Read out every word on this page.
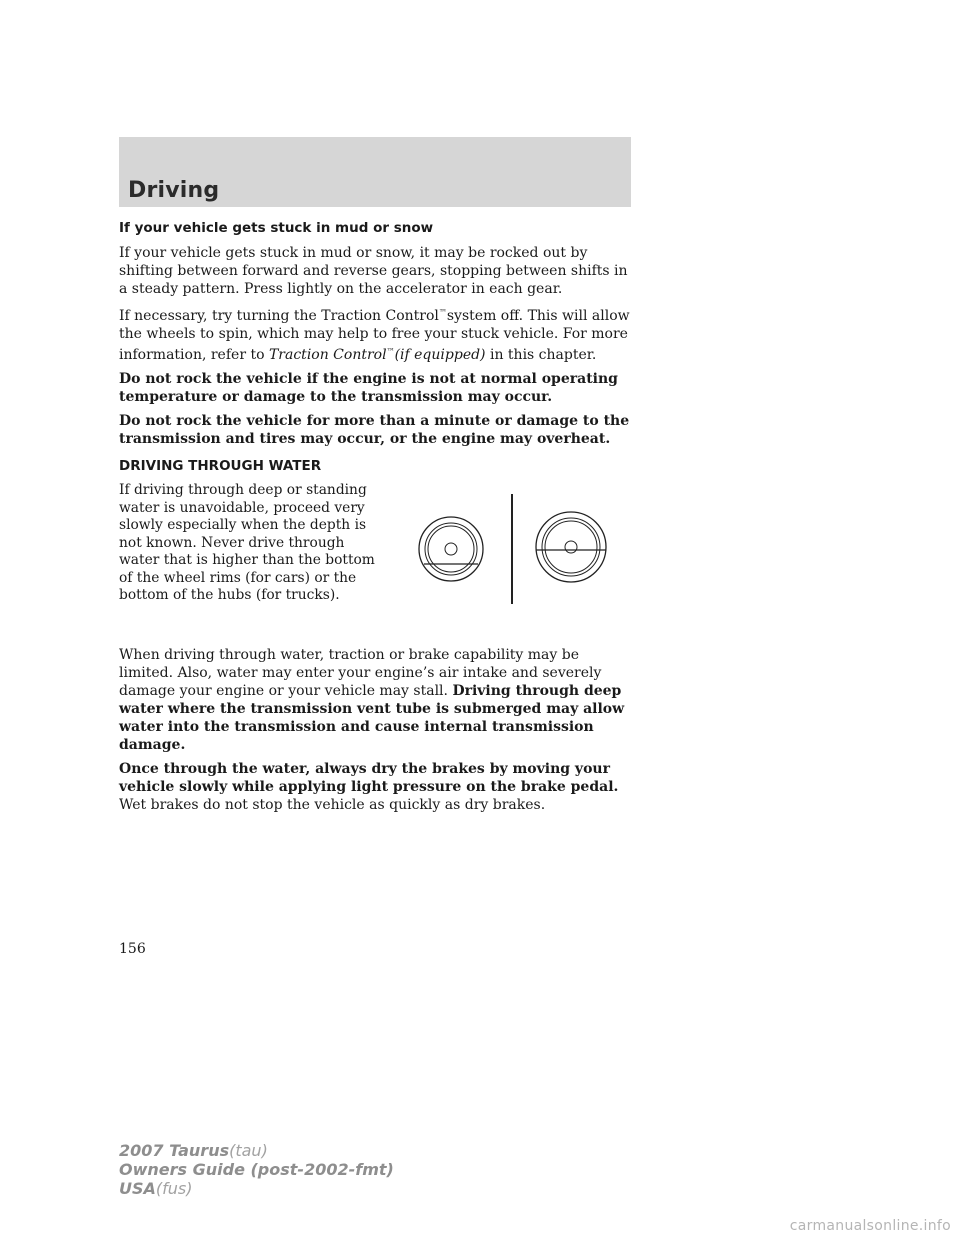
Driving
If your vehicle gets stuck in mud or snow

If your vehicle gets stuck in mud or snow, it may be rocked out by shifting between forward and reverse gears, stopping between shifts in a steady pattern. Press lightly on the accelerator in each gear.

If necessary, try turning the Traction Control™system off. This will allow the wheels to spin, which may help to free your stuck vehicle. For more information, refer to Traction Control™(if equipped) in this chapter.

Do not rock the vehicle if the engine is not at normal operating temperature or damage to the transmission may occur.

Do not rock the vehicle for more than a minute or damage to the transmission and tires may occur, or the engine may overheat.

DRIVING THROUGH WATER

If driving through deep or standing water is unavoidable, proceed very slowly especially when the depth is not known. Never drive through water that is higher than the bottom of the wheel rims (for cars) or the bottom of the hubs (for trucks).

When driving through water, traction or brake capability may be limited. Also, water may enter your engine’s air intake and severely damage your engine or your vehicle may stall. Driving through deep water where the transmission vent tube is submerged may allow water into the transmission and cause internal transmission damage.

Once through the water, always dry the brakes by moving your vehicle slowly while applying light pressure on the brake pedal.
Wet brakes do not stop the vehicle as quickly as dry brakes.

156
2007 Taurus(tau)
Owners Guide (post-2002-fmt)
USA(fus)
carmanualsonline.info
